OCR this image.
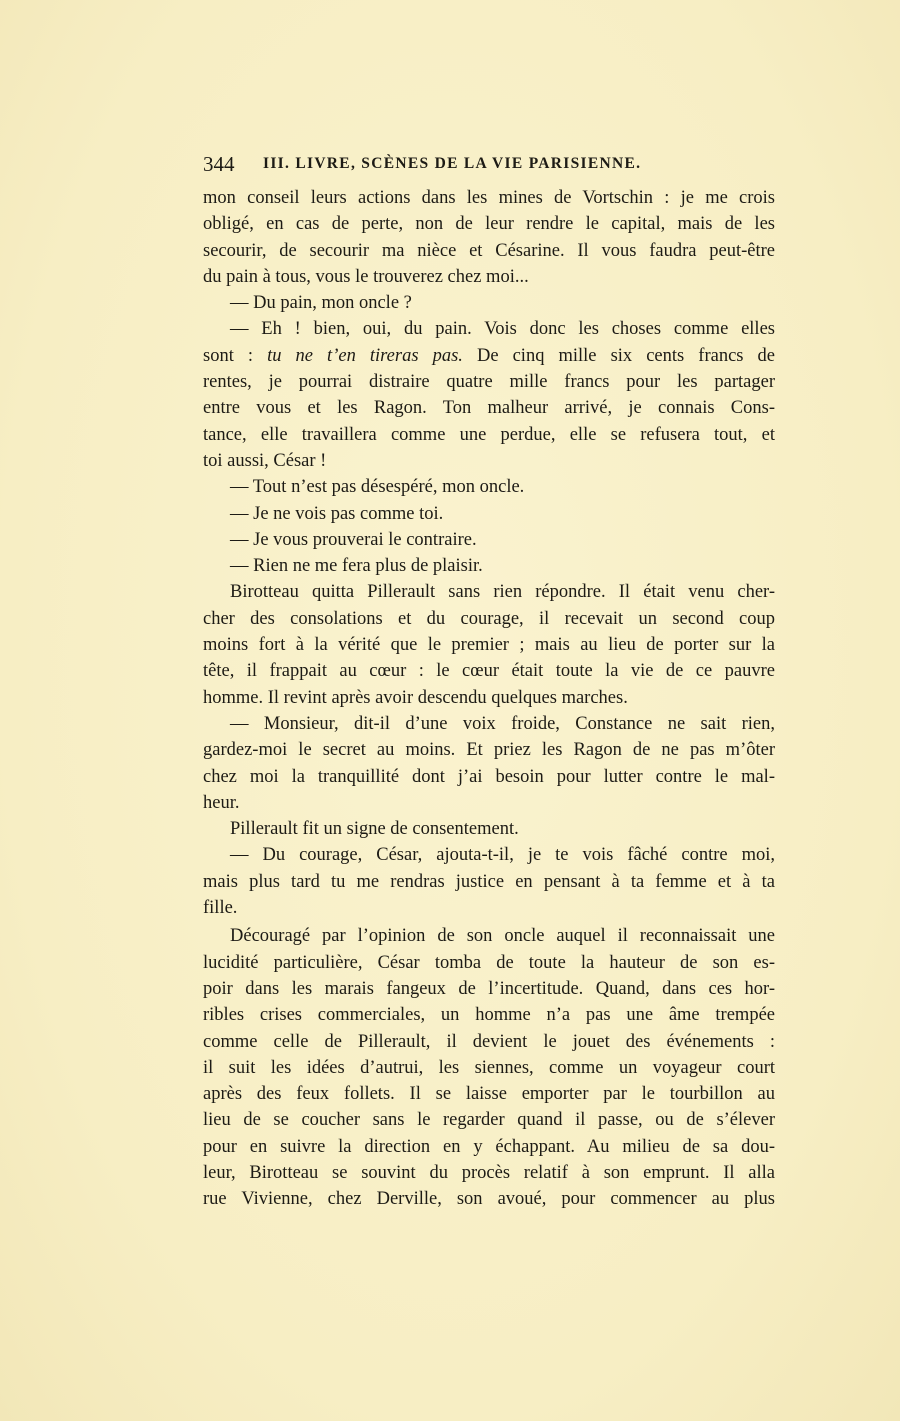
344 III. LIVRE, SCÈNES DE LA VIE PARISIENNE.
mon conseil leurs actions dans les mines de Vortschin : je me crois
obligé, en cas de perte, non de leur rendre le capital, mais de les
secourir, de secourir ma nièce et Césarine. Il vous faudra peut-être
du pain à tous, vous le trouverez chez moi...
— Du pain, mon oncle ?
— Eh ! bien, oui, du pain. Vois donc les choses comme elles
sont : tu ne t’en tireras pas. De cinq mille six cents francs de
rentes, je pourrai distraire quatre mille francs pour les partager
entre vous et les Ragon. Ton malheur arrivé, je connais Cons-
tance, elle travaillera comme une perdue, elle se refusera tout, et
toi aussi, César !
— Tout n’est pas désespéré, mon oncle.
— Je ne vois pas comme toi.
— Je vous prouverai le contraire.
— Rien ne me fera plus de plaisir.
Birotteau quitta Pillerault sans rien répondre. Il était venu cher-
cher des consolations et du courage, il recevait un second coup
moins fort à la vérité que le premier ; mais au lieu de porter sur la
tête, il frappait au cœur : le cœur était toute la vie de ce pauvre
homme. Il revint après avoir descendu quelques marches.
— Monsieur, dit-il d’une voix froide, Constance ne sait rien,
gardez-moi le secret au moins. Et priez les Ragon de ne pas m’ôter
chez moi la tranquillité dont j’ai besoin pour lutter contre le mal-
heur.
Pillerault fit un signe de consentement.
— Du courage, César, ajouta-t-il, je te vois fâché contre moi,
mais plus tard tu me rendras justice en pensant à ta femme et à ta
fille.
Découragé par l’opinion de son oncle auquel il reconnaissait une
lucidité particulière, César tomba de toute la hauteur de son es-
poir dans les marais fangeux de l’incertitude. Quand, dans ces hor-
ribles crises commerciales, un homme n’a pas une âme trempée
comme celle de Pillerault, il devient le jouet des événements :
il suit les idées d’autrui, les siennes, comme un voyageur court
après des feux follets. Il se laisse emporter par le tourbillon au
lieu de se coucher sans le regarder quand il passe, ou de s’élever
pour en suivre la direction en y échappant. Au milieu de sa dou-
leur, Birotteau se souvint du procès relatif à son emprunt. Il alla
rue Vivienne, chez Derville, son avoué, pour commencer au plus
